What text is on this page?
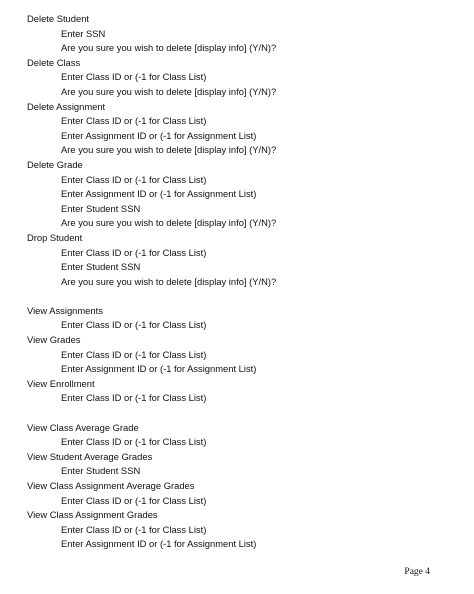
Delete Student
Enter SSN
Are you sure you wish to delete [display info] (Y/N)?
Delete Class
Enter Class ID or (-1 for Class List)
Are you sure you wish to delete [display info] (Y/N)?
Delete Assignment
Enter Class ID or (-1 for Class List)
Enter Assignment ID or (-1 for Assignment List)
Are you sure you wish to delete [display info] (Y/N)?
Delete Grade
Enter Class ID or (-1 for Class List)
Enter Assignment ID or (-1 for Assignment List)
Enter Student SSN
Are you sure you wish to delete [display info] (Y/N)?
Drop Student
Enter Class ID or (-1 for Class List)
Enter Student SSN
Are you sure you wish to delete [display info] (Y/N)?
View Assignments
Enter Class ID or (-1 for Class List)
View Grades
Enter Class ID or (-1 for Class List)
Enter Assignment ID or (-1 for Assignment List)
View Enrollment
Enter Class ID or (-1 for Class List)
View Class Average Grade
Enter Class ID or (-1 for Class List)
View Student Average Grades
Enter Student SSN
View Class Assignment Average Grades
Enter Class ID or (-1 for Class List)
View Class Assignment Grades
Enter Class ID or (-1 for Class List)
Enter Assignment ID or (-1 for Assignment List)
Page 4
